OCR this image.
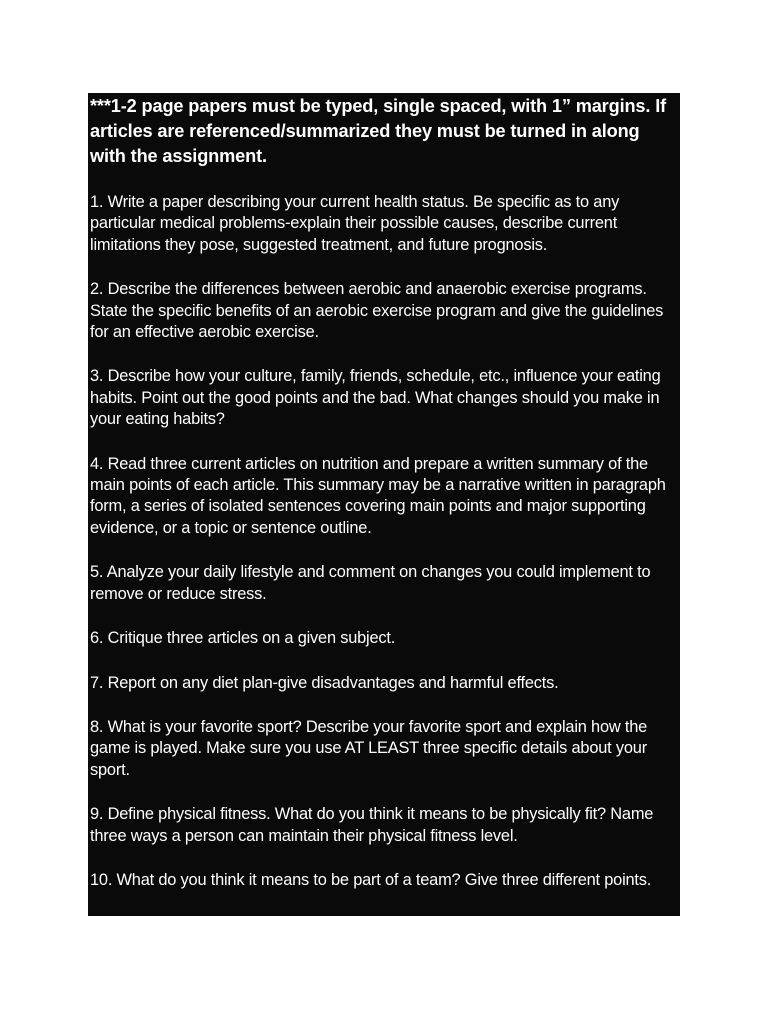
***1-2 page papers must be typed, single spaced, with 1” margins. If articles are referenced/summarized they must be turned in along with the assignment.

1. Write a paper describing your current health status. Be specific as to any particular medical problems-explain their possible causes, describe current limitations they pose, suggested treatment, and future prognosis.
2. Describe the differences between aerobic and anaerobic exercise programs. State the specific benefits of an aerobic exercise program and give the guidelines for an effective aerobic exercise.
3. Describe how your culture, family, friends, schedule, etc., influence your eating habits. Point out the good points and the bad. What changes should you make in your eating habits?
4. Read three current articles on nutrition and prepare a written summary of the main points of each article. This summary may be a narrative written in paragraph form, a series of isolated sentences covering main points and major supporting evidence, or a topic or sentence outline.
5. Analyze your daily lifestyle and comment on changes you could implement to remove or reduce stress.
6. Critique three articles on a given subject.
7. Report on any diet plan-give disadvantages and harmful effects.
8. What is your favorite sport? Describe your favorite sport and explain how the game is played. Make sure you use AT LEAST three specific details about your sport.
9. Define physical fitness. What do you think it means to be physically fit? Name three ways a person can maintain their physical fitness level.
10. What do you think it means to be part of a team? Give three different points.
